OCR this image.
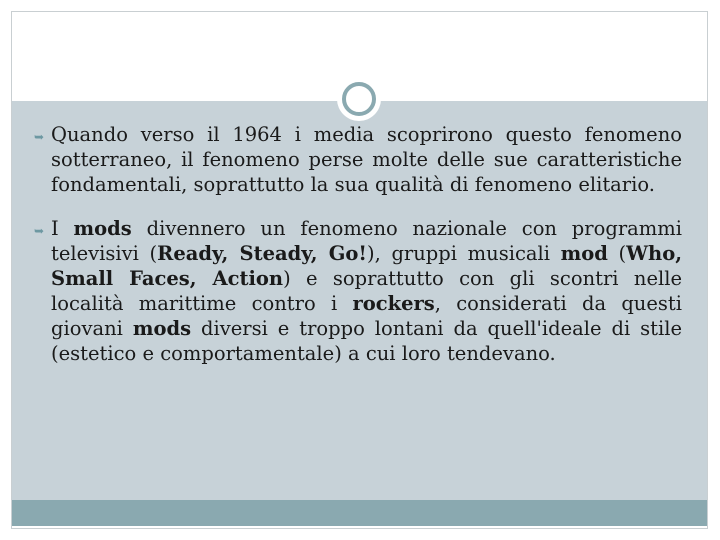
➥ Quando verso il 1964 i media scoprirono questo fenomeno sotterraneo, il fenomeno perse molte delle sue caratteristiche fondamentali, soprattutto la sua qualità di fenomeno elitario.
➥ I mods divennero un fenomeno nazionale con programmi televisivi (Ready, Steady, Go!), gruppi musicali mod (Who, Small Faces, Action) e soprattutto con gli scontri nelle località marittime contro i rockers, considerati da questi giovani mods diversi e troppo lontani da quell'ideale di stile (estetico e comportamentale) a cui loro tendevano.
